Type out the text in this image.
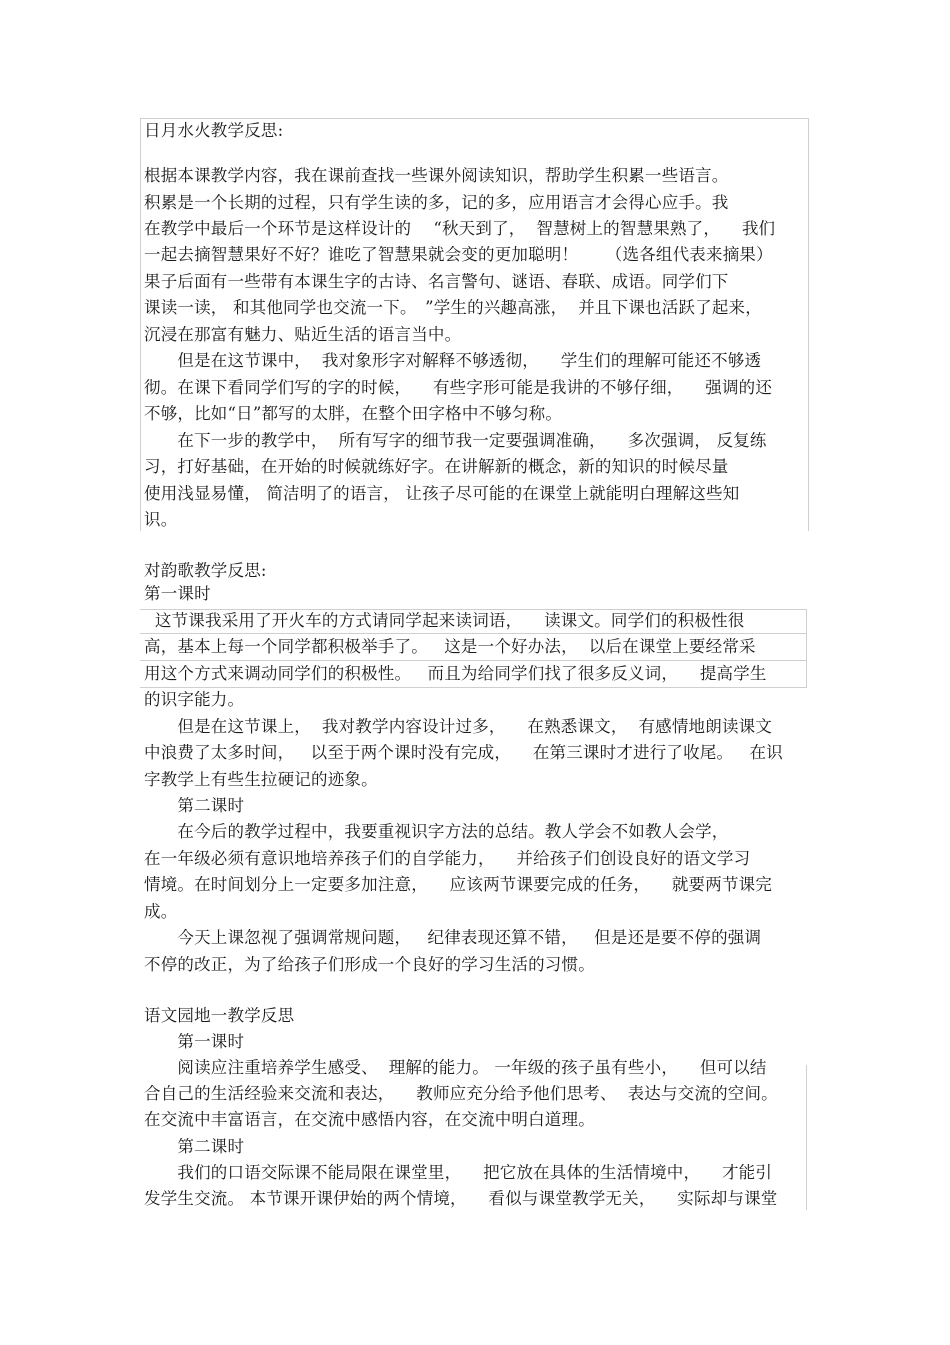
日月水火教学反思:
根据本课教学内容，我在课前查找一些课外阅读知识，帮助学生积累一些语言。
积累是一个长期的过程，只有学生读的多，记的多，应用语言才会得心应手。我
在教学中最后一个环节是这样设计的　 “秋天到了，  智慧树上的智慧果熟了，    我们
一起去摘智慧果好不好？谁吃了智慧果就会变的更加聪明！　  （选各组代表来摘果）
果子后面有一些带有本课生字的古诗、名言警句、谜语、春联、成语。同学们下
课读一读， 和其他同学也交流一下。　”学生的兴趣高涨，  并且下课也活跃了起来，
沉浸在那富有魅力、贴近生活的语言当中。
　　但是在这节课中，  我对象形字对解释不够透彻，    学生们的理解可能还不够透
彻。在课下看同学们写的字的时候，    有些字形可能是我讲的不够仔细，    强调的还
不够，比如“日”都写的太胖，在整个田字格中不够匀称。
　　在下一步的教学中，  所有写字的细节我一定要强调准确，    多次强调， 反复练
习，打好基础，在开始的时候就练好字。在讲解新的概念，新的知识的时候尽量
使用浅显易懂， 简洁明了的语言， 让孩子尽可能的在课堂上就能明白理解这些知
识。
对韵歌教学反思:
第一课时
这节课我采用了开火车的方式请同学起来读词语，    读课文。同学们的积极性很
高，基本上每一个同学都积极举手了。   这是一个好办法，  以后在课堂上要经常采
用这个方式来调动同学们的积极性。   而且为给同学们找了很多反义词，    提高学生
的识字能力。
　　但是在这节课上，  我对教学内容设计过多，    在熟悉课文，  有感情地朗读课文
中浪费了太多时间，   以至于两个课时没有完成，    在第三课时才进行了收尾。   在识
字教学上有些生拉硬记的迹象。
　　第二课时
　　在今后的教学过程中，我要重视识字方法的总结。教人学会不如教人会学，
在一年级必须有意识地培养孩子们的自学能力，    并给孩子们创设良好的语文学习
情境。在时间划分上一定要多加注意，    应该两节课要完成的任务，    就要两节课完
成。
　　今天上课忽视了强调常规问题，   纪律表现还算不错，   但是还是要不停的强调
不停的改正，为了给孩子们形成一个良好的学习生活的习惯。
语文园地一教学反思
　　第一课时
　　阅读应注重培养学生感受、  理解的能力。 一年级的孩子虽有些小，    但可以结
合自己的生活经验来交流和表达，    教师应充分给予他们思考、  表达与交流的空间。
在交流中丰富语言，在交流中感悟内容，在交流中明白道理。
　　第二课时
　　我们的口语交际课不能局限在课堂里，    把它放在具体的生活情境中，    才能引
发学生交流。 本节课开课伊始的两个情境，    看似与课堂教学无关，    实际却与课堂
